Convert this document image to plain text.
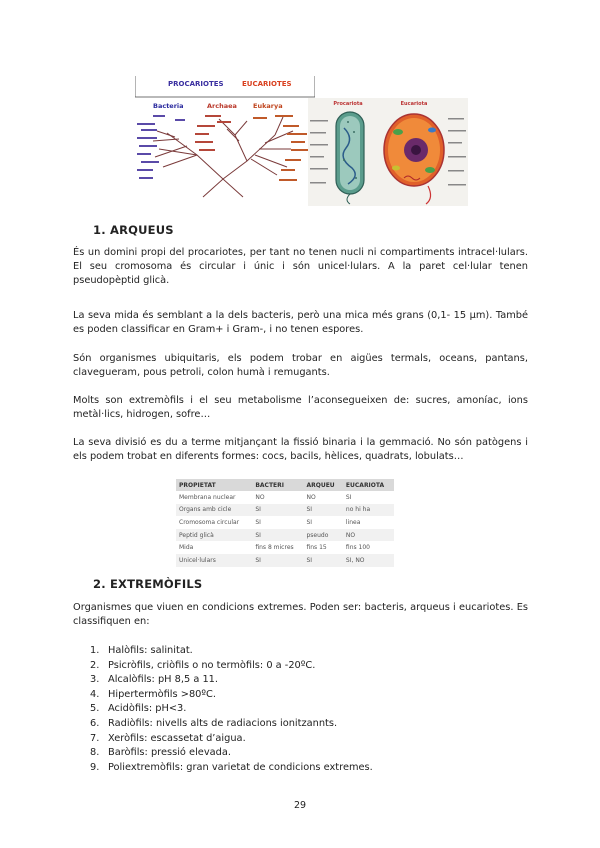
PROCARIOTES	EUCARIOTES
Bacteria	Archaea Eukarya	Procariota	Eucariota
1. ARQUEUS

És un domini propi del procariotes, per tant no tenen nucli ni compartiments intracel·lulars. El seu cromosoma és circular i únic i són unicel·lulars. A la paret cel·lular tenen pseudopèptid glicà.

La seva mida és semblant a la dels bacteris, però una mica més grans (0,1- 15 µm). També es poden classificar en Gram+ i Gram-, i no tenen espores.

Són organismes ubiquitaris, els podem trobar en aigües termals, oceans, pantans, clavegueram, pous petroli, colon humà i remugants.

Molts son extremòfils i el seu metabolisme l’aconsegueixen de: sucres, amoníac, ions metàl·lics, hidrogen, sofre…

La seva divisió es du a terme mitjançant la fissió binaria i la gemmació. No són patògens i els podem trobat en diferents formes: cocs, bacils, hèlices, quadrats, lobulats…

PROPIETAT	BACTERI	ARQUEU	EUCARIOTA
Membrana nuclear	NO	NO	SI
Organs amb cicle	SI	SI	no hi ha
Cromosoma circular	SI	SI	linea
Peptid glicà	SI	pseudo	NO
Mida	fins 8 micres	fins 15	fins 100
Unicel·lulars	SI	SI	SI, NO
2. EXTREMÒFILS

Organismes que viuen en condicions extremes. Poden ser: bacteris, arqueus i eucariotes. Es classifiquen en:

1. Halòfils: salinitat.
2. Psicròfils, criòfils o no termòfils: 0 a -20ºC.
3. Alcalòfils: pH 8,5 a 11.
4. Hipertermòfils >80ºC.
5. Acidòfils: pH<3.
6. Radiòfils: nivells alts de radiacions ionitzannts.
7. Xeròfils: escassetat d’aigua.
8. Baròfils: pressió elevada.
9. Poliextremòfils: gran varietat de condicions extremes.
29
